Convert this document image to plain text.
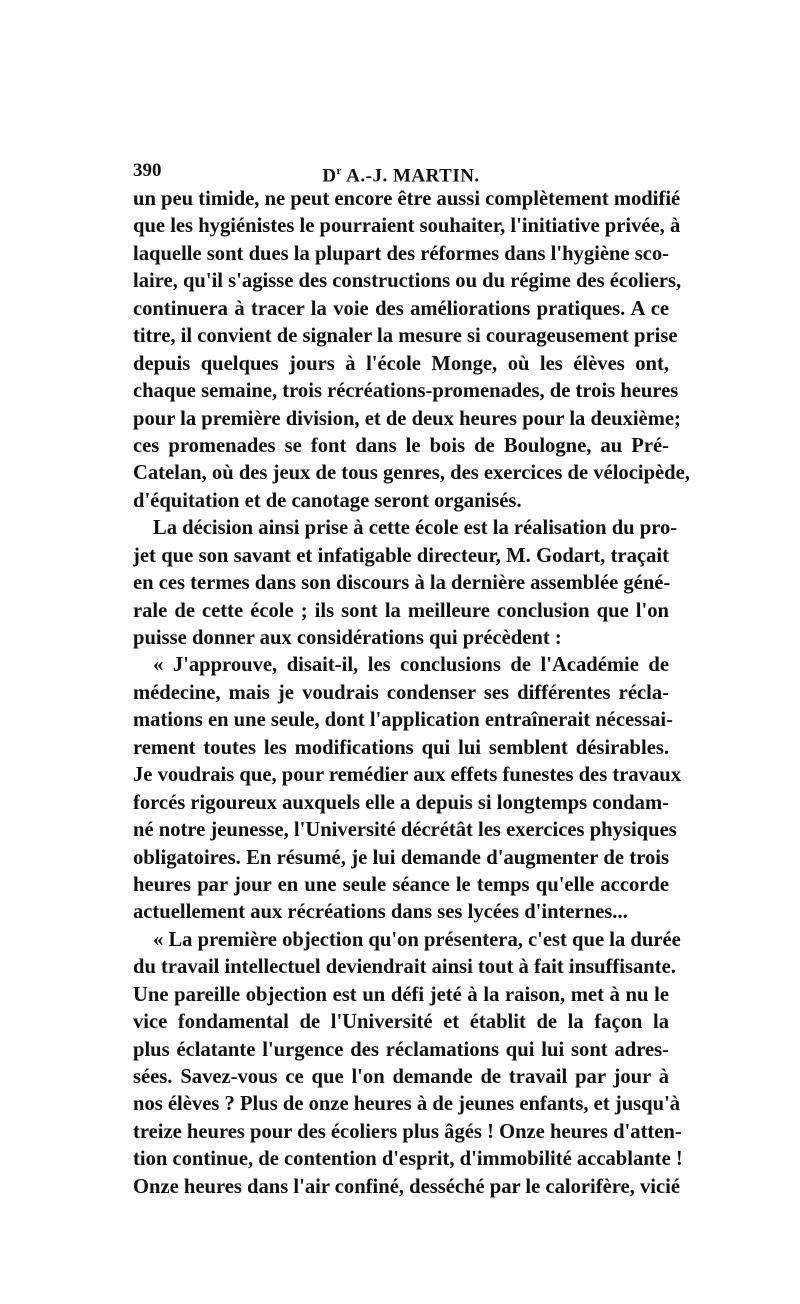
390	$D^r$ A.-J. MARTIN.
un peu timide, ne peut encore être aussi complètement modifié
que les hygiénistes le pourraient souhaiter, l'initiative privée, à
laquelle sont dues la plupart des réformes dans l'hygiène sco-
laire, qu'il s'agisse des constructions ou du régime des écoliers,
continuera à tracer la voie des améliorations pratiques. A ce
titre, il convient de signaler la mesure si courageusement prise
depuis quelques jours à l'école Monge, où les élèves ont,
chaque semaine, trois récréations-promenades, de trois heures
pour la première division, et de deux heures pour la deuxième;
ces promenades se font dans le bois de Boulogne, au Pré-
Catelan, où des jeux de tous genres, des exercices de vélocipède,
d'équitation et de canotage seront organisés.
La décision ainsi prise à cette école est la réalisation du pro-
jet que son savant et infatigable directeur, M. Godart, traçait
en ces termes dans son discours à la dernière assemblée géné-
rale de cette école ; ils sont la meilleure conclusion que l'on
puisse donner aux considérations qui précèdent :
« J'approuve, disait-il, les conclusions de l'Académie de
médecine, mais je voudrais condenser ses différentes récla-
mations en une seule, dont l'application entraînerait nécessai-
rement toutes les modifications qui lui semblent désirables.
Je voudrais que, pour remédier aux effets funestes des travaux
forcés rigoureux auxquels elle a depuis si longtemps condam-
né notre jeunesse, l'Université décrétât les exercices physiques
obligatoires. En résumé, je lui demande d'augmenter de trois
heures par jour en une seule séance le temps qu'elle accorde
actuellement aux récréations dans ses lycées d'internes...
« La première objection qu'on présentera, c'est que la durée
du travail intellectuel deviendrait ainsi tout à fait insuffisante.
Une pareille objection est un défi jeté à la raison, met à nu le
vice fondamental de l'Université et établit de la façon la
plus éclatante l'urgence des réclamations qui lui sont adres-
sées. Savez-vous ce que l'on demande de travail par jour à
nos élèves ? Plus de onze heures à de jeunes enfants, et jusqu'à
treize heures pour des écoliers plus âgés ! Onze heures d'atten-
tion continue, de contention d'esprit, d'immobilité accablante !
Onze heures dans l'air confiné, desséché par le calorifère, vicié
